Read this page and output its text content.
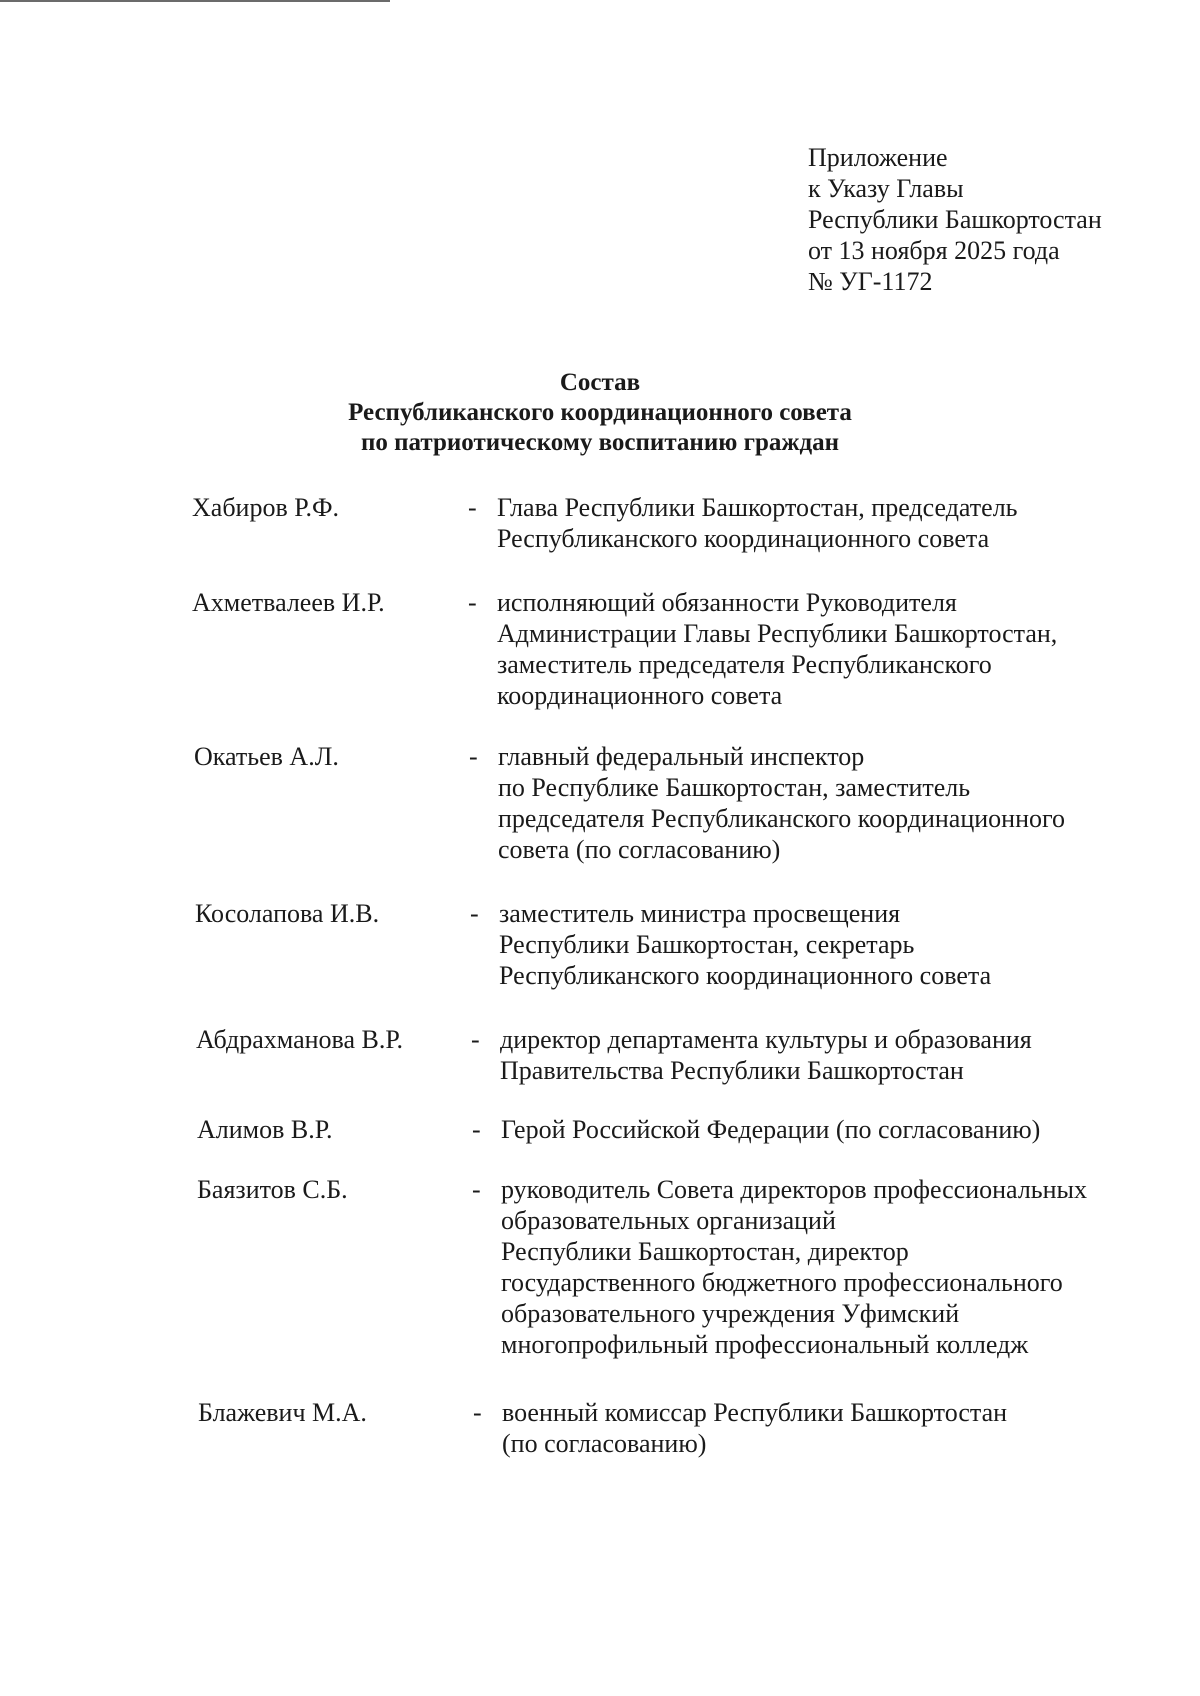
Приложение
к Указу Главы
Республики Башкортостан
от 13 ноября 2025 года
№ УГ-1172
Состав
Республиканского координационного совета
по патриотическому воспитанию граждан
Хабиров Р.Ф.	- Глава Республики Башкортостан, председатель
Республиканского координационного совета
Ахметвалеев И.Р.	- исполняющий обязанности Руководителя
Администрации Главы Республики Башкортостан,
заместитель председателя Республиканского
координационного совета
Окатьев А.Л.	- главный федеральный инспектор
по Республике Башкортостан, заместитель
председателя Республиканского координационного
совета (по согласованию)
Косолапова И.В.	- заместитель министра просвещения
Республики Башкортостан, секретарь
Республиканского координационного совета
Абдрахманова В.Р.	- директор департамента культуры и образования
Правительства Республики Башкортостан
Алимов В.Р.	- Герой Российской Федерации (по согласованию)
Баязитов С.Б.	- руководитель Совета директоров профессиональных
образовательных организаций
Республики Башкортостан, директор
государственного бюджетного профессионального
образовательного учреждения Уфимский
многопрофильный профессиональный колледж
Блажевич М.А.	- военный комиссар Республики Башкортостан
(по согласованию)
